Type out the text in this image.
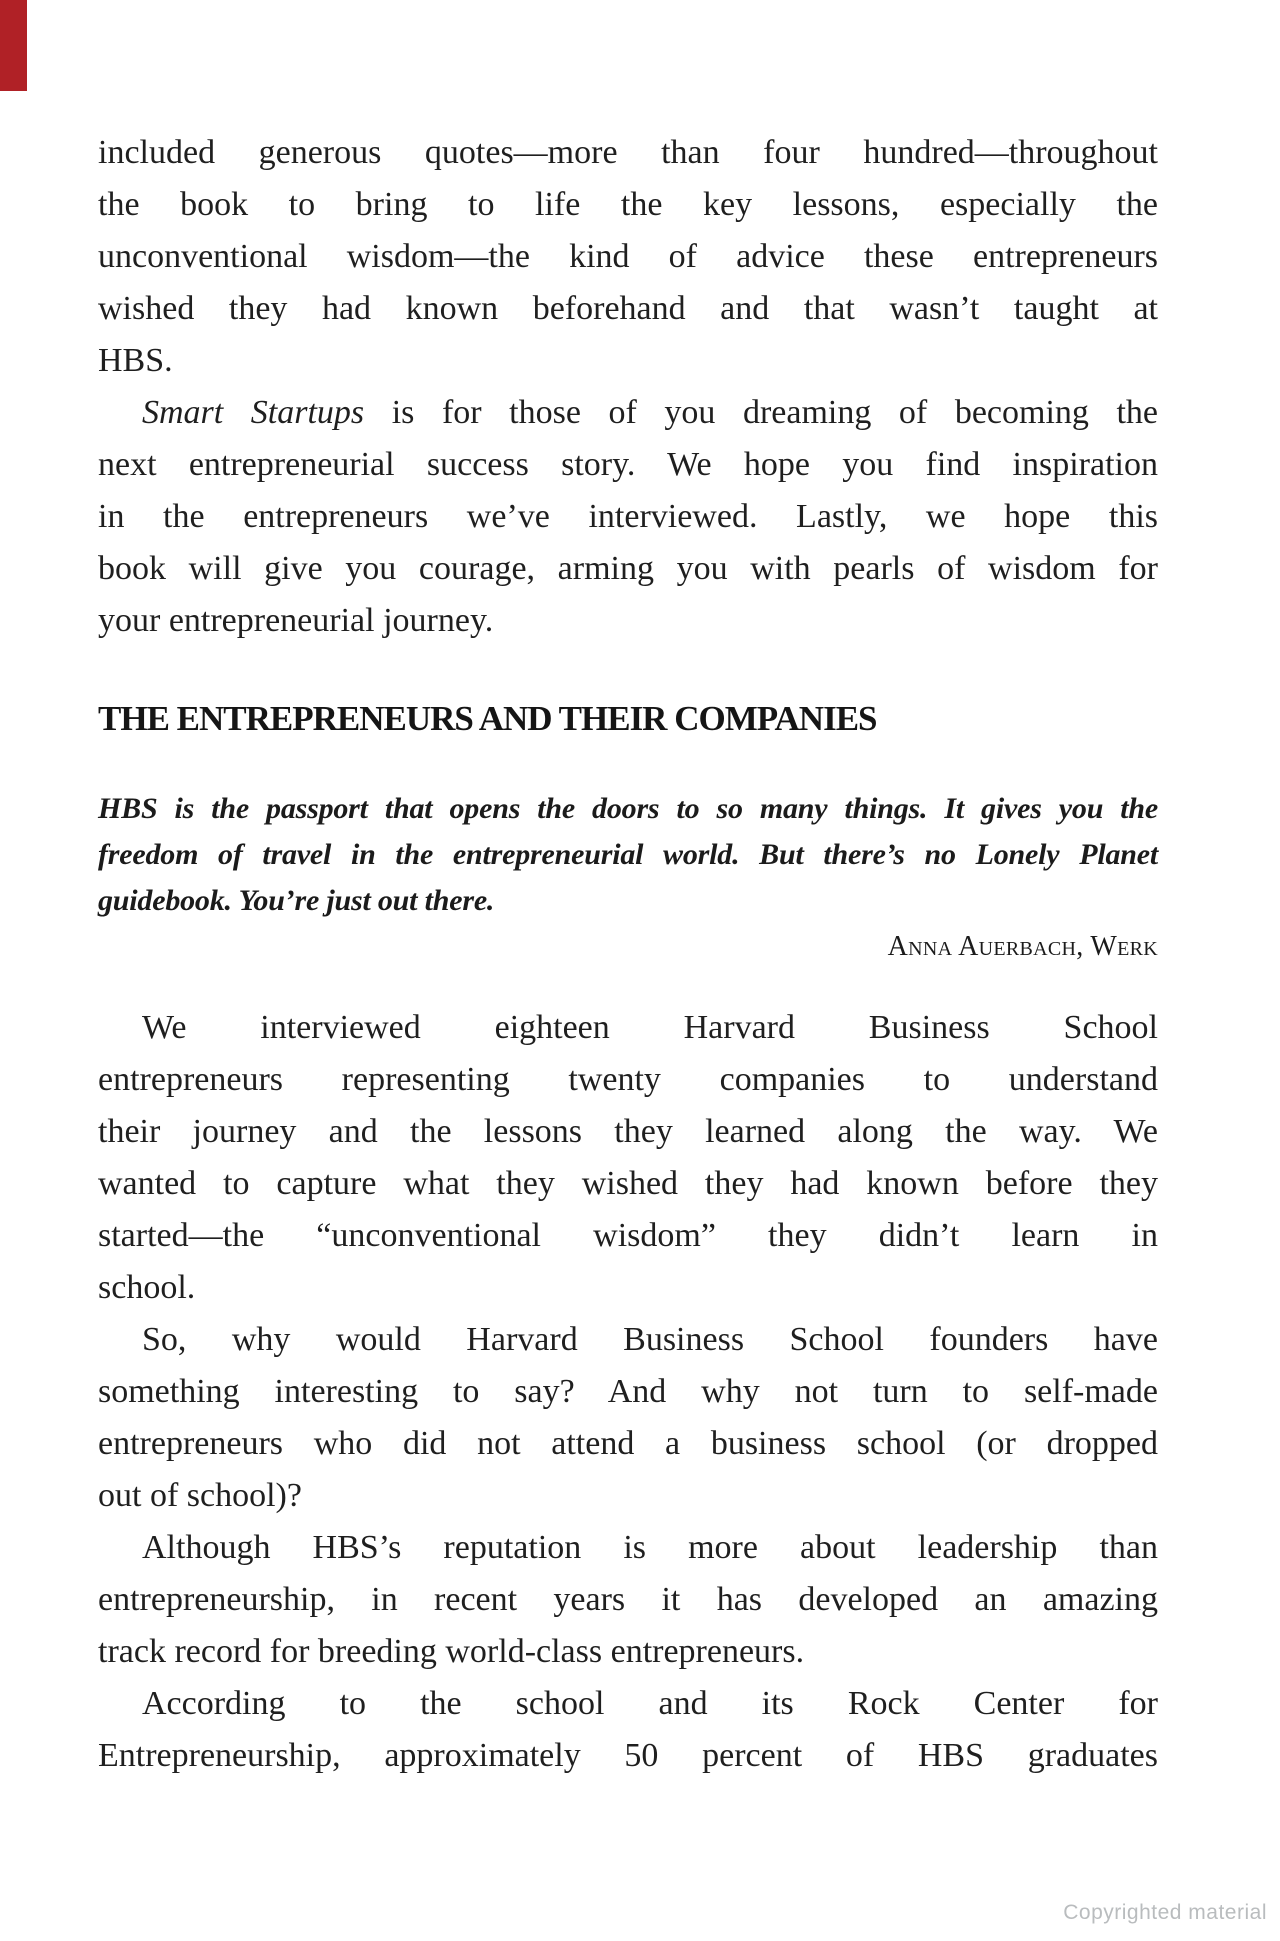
included generous quotes—more than four hundred—throughout
the book to bring to life the key lessons, especially the
unconventional wisdom—the kind of advice these entrepreneurs
wished they had known beforehand and that wasn’t taught at
HBS.
Smart Startups is for those of you dreaming of becoming the
next entrepreneurial success story. We hope you find inspiration
in the entrepreneurs we’ve interviewed. Lastly, we hope this
book will give you courage, arming you with pearls of wisdom for
your entrepreneurial journey.
THE ENTREPRENEURS AND THEIR COMPANIES
HBS is the passport that opens the doors to so many things. It gives you the
freedom of travel in the entrepreneurial world. But there’s no Lonely Planet
guidebook. You’re just out there.
Anna Auerbach, Werk
We interviewed eighteen Harvard Business School
entrepreneurs representing twenty companies to understand
their journey and the lessons they learned along the way. We
wanted to capture what they wished they had known before they
started—the “unconventional wisdom” they didn’t learn in
school.
So, why would Harvard Business School founders have
something interesting to say? And why not turn to self-made
entrepreneurs who did not attend a business school (or dropped
out of school)?
Although HBS’s reputation is more about leadership than
entrepreneurship, in recent years it has developed an amazing
track record for breeding world-class entrepreneurs.
According to the school and its Rock Center for
Entrepreneurship, approximately 50 percent of HBS graduates
Copyrighted material
